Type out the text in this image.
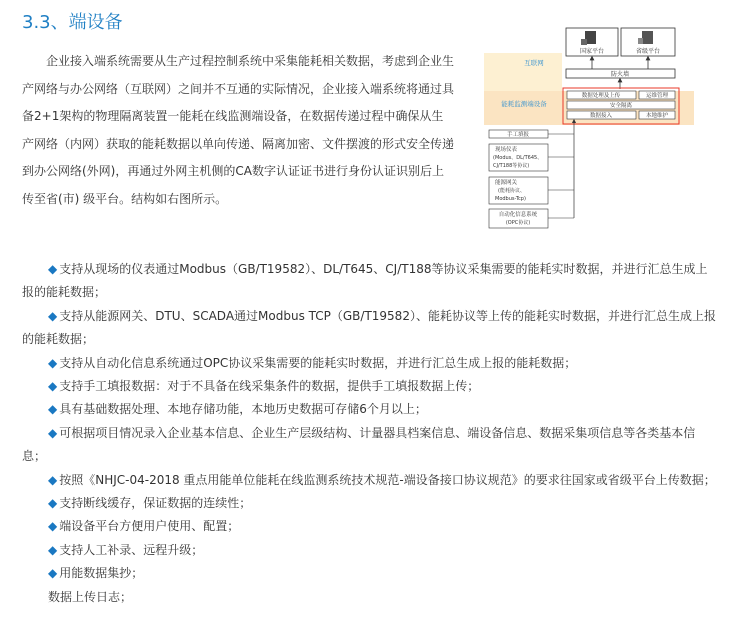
3.3、端设备

企业接入端系统需要从生产过程控制系统中采集能耗相关数据，考虑到企业生产网络与办公网络（互联网）之间并不互通的实际情况，企业接入端系统将通过具备2+1架构的物理隔离装置一能耗在线监测端设备，在数据传递过程中确保从生产网络（内网）获取的能耗数据以单向传递、隔离加密、文件摆渡的形式安全传递到办公网络(外网)，再通过外网主机侧的CA数字认证证书进行身份认证识别后上传至省(市) 级平台。结构如右图所示。

国家平台	省级平台
防火墙
互联网
能耗监测端设备
数据处理及上传	运维管理
安全隔离
数据接入	本地维护
手工填报
现场仪表
(Modus、DL/T645、
CJ/T188等协议)
能源网关
(能耗协议、
Modbus-Tcp)
自动化信息系统
(OPC协议)

◆ 支持从现场的仪表通过Modbus（GB/T19582）、DL/T645、CJ/T188等协议采集需要的能耗实时数据，并进行汇总生成上报的能耗数据；

◆ 支持从能源网关、DTU、SCADA通过Modbus TCP（GB/T19582）、能耗协议等上传的能耗实时数据，并进行汇总生成上报的能耗数据；

◆ 支持从自动化信息系统通过OPC协议采集需要的能耗实时数据，并进行汇总生成上报的能耗数据；

◆ 支持手工填报数据：对于不具备在线采集条件的数据，提供手工填报数据上传；

◆ 具有基础数据处理、本地存储功能，本地历史数据可存储6个月以上；

◆ 可根据项目情况录入企业基本信息、企业生产层级结构、计量器具档案信息、端设备信息、数据采集项信息等各类基本信息；

◆ 按照《NHJC-04-2018 重点用能单位能耗在线监测系统技术规范-端设备接口协议规范》的要求往国家或省级平台上传数据；

◆ 支持断线缓存，保证数据的连续性；

◆ 端设备平台方便用户使用、配置；

◆ 支持人工补录、远程升级；

◆ 用能数据集抄；

数据上传日志；
